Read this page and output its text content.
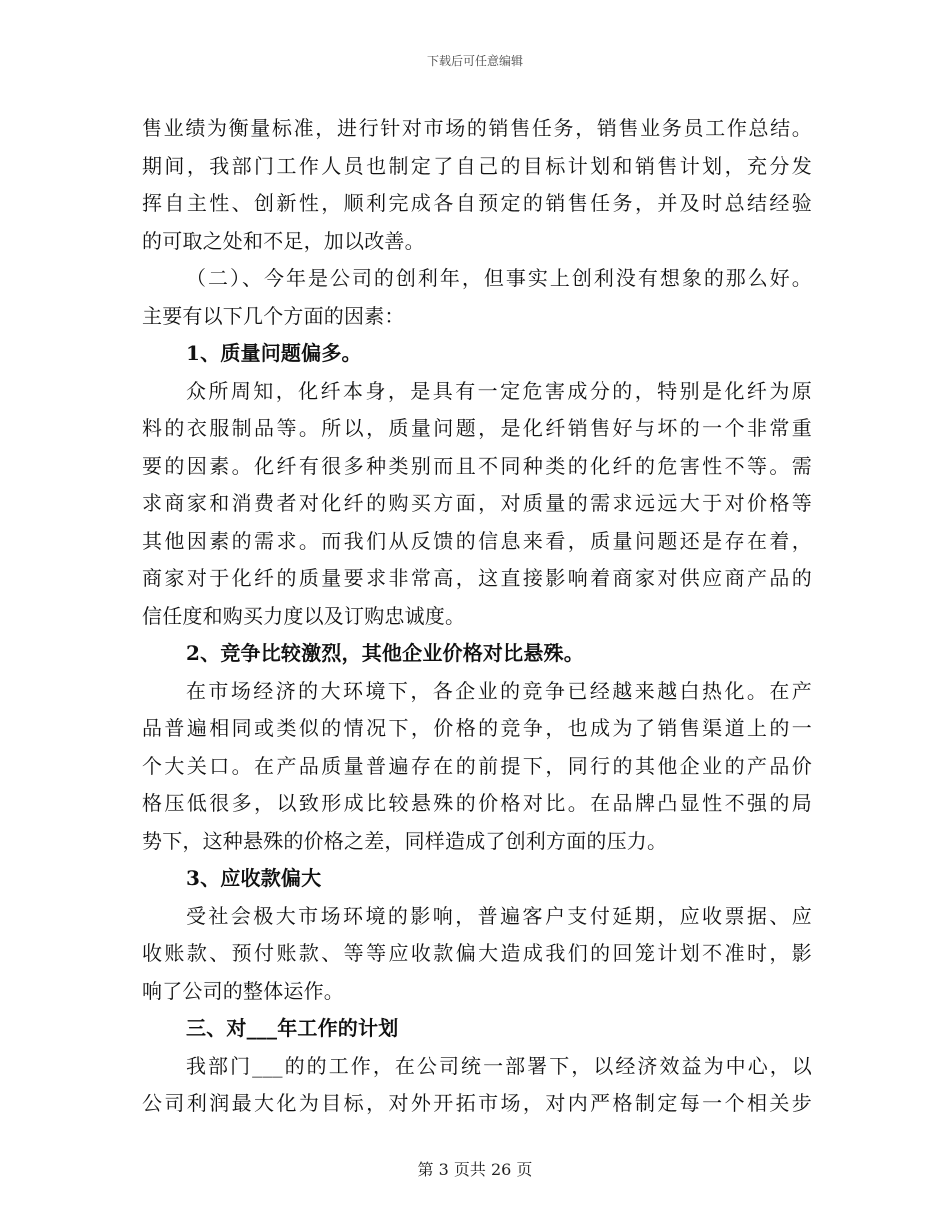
下载后可任意编辑
售业绩为衡量标准，进行针对市场的销售任务，销售业务员工作总结。
期间，我部门工作人员也制定了自己的目标计划和销售计划，充分发
挥自主性、创新性，顺利完成各自预定的销售任务，并及时总结经验
的可取之处和不足，加以改善。
（二）、今年是公司的创利年，但事实上创利没有想象的那么好。
主要有以下几个方面的因素：
1、质量问题偏多。
众所周知，化纤本身，是具有一定危害成分的，特别是化纤为原
料的衣服制品等。所以，质量问题，是化纤销售好与坏的一个非常重
要的因素。化纤有很多种类别而且不同种类的化纤的危害性不等。需
求商家和消费者对化纤的购买方面，对质量的需求远远大于对价格等
其他因素的需求。而我们从反馈的信息来看，质量问题还是存在着，
商家对于化纤的质量要求非常高，这直接影响着商家对供应商产品的
信任度和购买力度以及订购忠诚度。
2、竞争比较激烈，其他企业价格对比悬殊。
在市场经济的大环境下，各企业的竞争已经越来越白热化。在产
品普遍相同或类似的情况下，价格的竞争，也成为了销售渠道上的一
个大关口。在产品质量普遍存在的前提下，同行的其他企业的产品价
格压低很多，以致形成比较悬殊的价格对比。在品牌凸显性不强的局
势下，这种悬殊的价格之差，同样造成了创利方面的压力。
3、应收款偏大
受社会极大市场环境的影响，普遍客户支付延期，应收票据、应
收账款、预付账款、等等应收款偏大造成我们的回笼计划不准时，影
响了公司的整体运作。
三、对___年工作的计划
我部门___的的工作，在公司统一部署下，以经济效益为中心，以
公司利润最大化为目标，对外开拓市场，对内严格制定每一个相关步
第 3 页共 26 页
